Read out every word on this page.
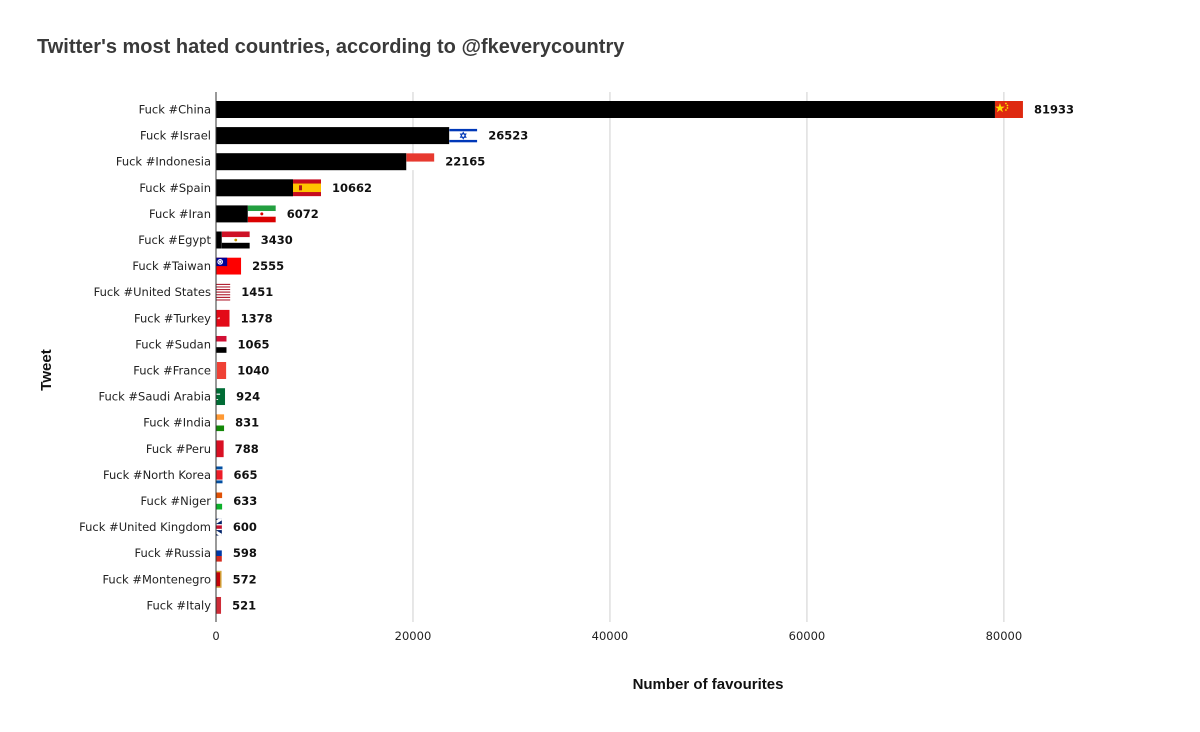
Twitter's most hated countries, according to @fkeverycountry
0	20000	40000	60000	80000
Fuck #China	81933
Fuck #Israel	26523
Fuck #Indonesia	22165
Fuck #Spain	10662
Fuck #Iran	6072
Fuck #Egypt	3430
Fuck #Taiwan	2555
Fuck #United States	1451
Fuck #Turkey	1378
Fuck #Sudan 1065
Fuck #France 1040
Fuck #Saudi Arabia 924
Fuck #India 831
Fuck #Peru 788
Fuck #North Korea 665
Fuck #Niger 633
Fuck #United Kingdom 600
Fuck #Russia 598
Fuck #Montenegro 572
Fuck #Italy 521
Number of favourites
Tweet
